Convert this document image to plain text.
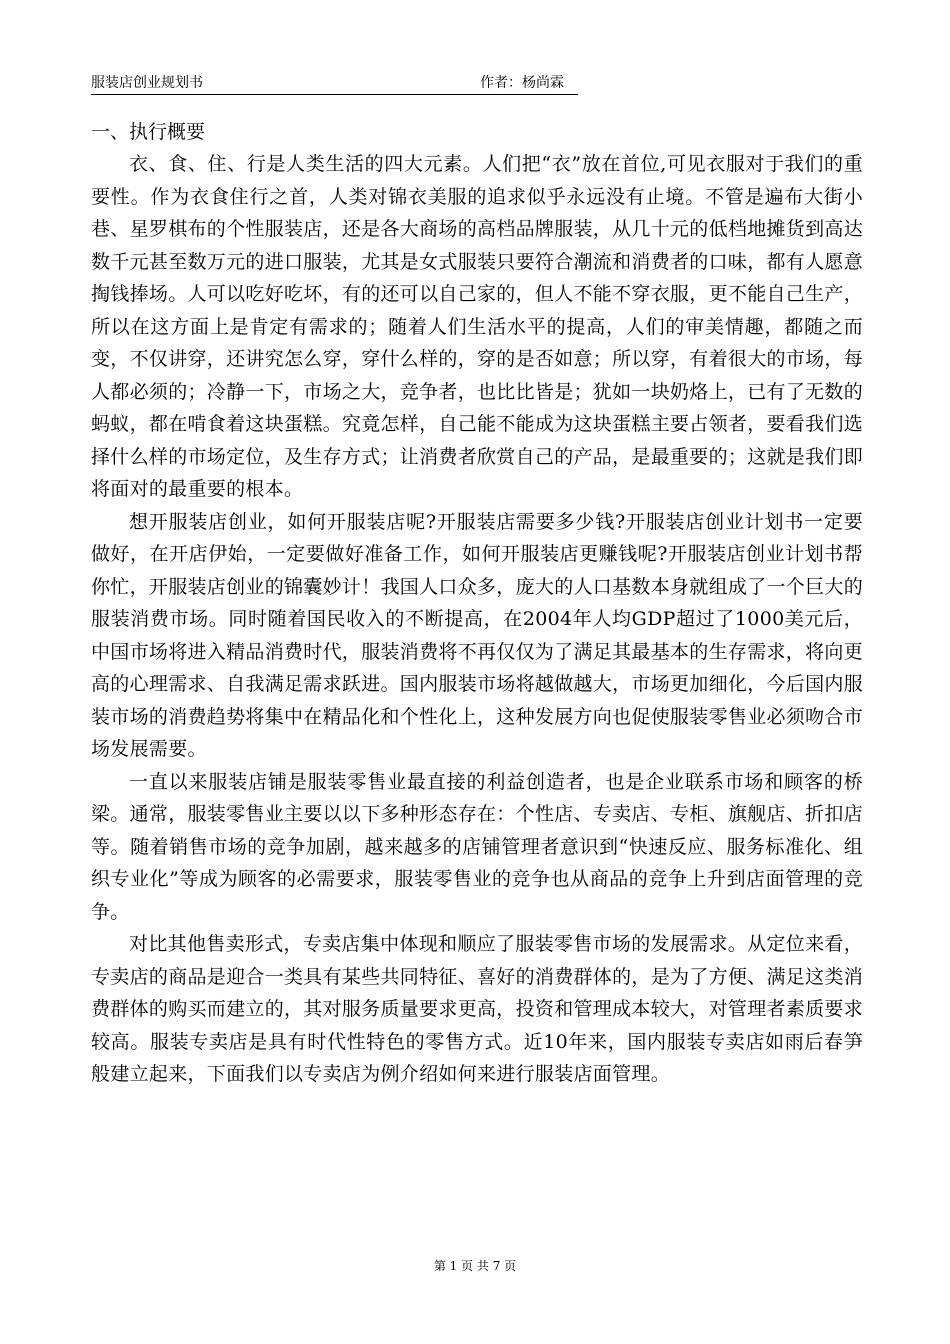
服装店创业规划书	作者：杨尚霖
一、执行概要

衣、食、住、行是人类生活的四大元素。人们把“衣”放在首位,可见衣服对于我们的重要性。作为衣食住行之首，人类对锦衣美服的追求似乎永远没有止境。不管是遍布大街小巷、星罗棋布的个性服装店，还是各大商场的高档品牌服装，从几十元的低档地摊货到高达数千元甚至数万元的进口服装，尤其是女式服装只要符合潮流和消费者的口味，都有人愿意掏钱捧场。人可以吃好吃坏，有的还可以自己家的，但人不能不穿衣服，更不能自己生产，所以在这方面上是肯定有需求的；随着人们生活水平的提高，人们的审美情趣，都随之而变，不仅讲穿，还讲究怎么穿，穿什么样的，穿的是否如意；所以穿，有着很大的市场，每人都必须的；冷静一下，市场之大，竞争者，也比比皆是；犹如一块奶烙上，已有了无数的蚂蚁，都在啃食着这块蛋糕。究竟怎样，自己能不能成为这块蛋糕主要占领者，要看我们选择什么样的市场定位，及生存方式；让消费者欣赏自己的产品，是最重要的；这就是我们即将面对的最重要的根本。

想开服装店创业，如何开服装店呢?开服装店需要多少钱?开服装店创业计划书一定要做好，在开店伊始，一定要做好准备工作，如何开服装店更赚钱呢?开服装店创业计划书帮你忙，开服装店创业的锦囊妙计！我国人口众多，庞大的人口基数本身就组成了一个巨大的服装消费市场。同时随着国民收入的不断提高，在2004年人均GDP超过了1000美元后，中国市场将进入精品消费时代，服装消费将不再仅仅为了满足其最基本的生存需求，将向更高的心理需求、自我满足需求跃进。国内服装市场将越做越大，市场更加细化，今后国内服装市场的消费趋势将集中在精品化和个性化上，这种发展方向也促使服装零售业必须吻合市场发展需要。

一直以来服装店铺是服装零售业最直接的利益创造者，也是企业联系市场和顾客的桥梁。通常，服装零售业主要以以下多种形态存在：个性店、专卖店、专柜、旗舰店、折扣店等。随着销售市场的竞争加剧，越来越多的店铺管理者意识到“快速反应、服务标准化、组织专业化”等成为顾客的必需要求，服装零售业的竞争也从商品的竞争上升到店面管理的竞争。

对比其他售卖形式，专卖店集中体现和顺应了服装零售市场的发展需求。从定位来看，专卖店的商品是迎合一类具有某些共同特征、喜好的消费群体的，是为了方便、满足这类消费群体的购买而建立的，其对服务质量要求更高，投资和管理成本较大，对管理者素质要求较高。服装专卖店是具有时代性特色的零售方式。近10年来，国内服装专卖店如雨后春笋般建立起来，下面我们以专卖店为例介绍如何来进行服装店面管理。

第 1 页 共 7 页
